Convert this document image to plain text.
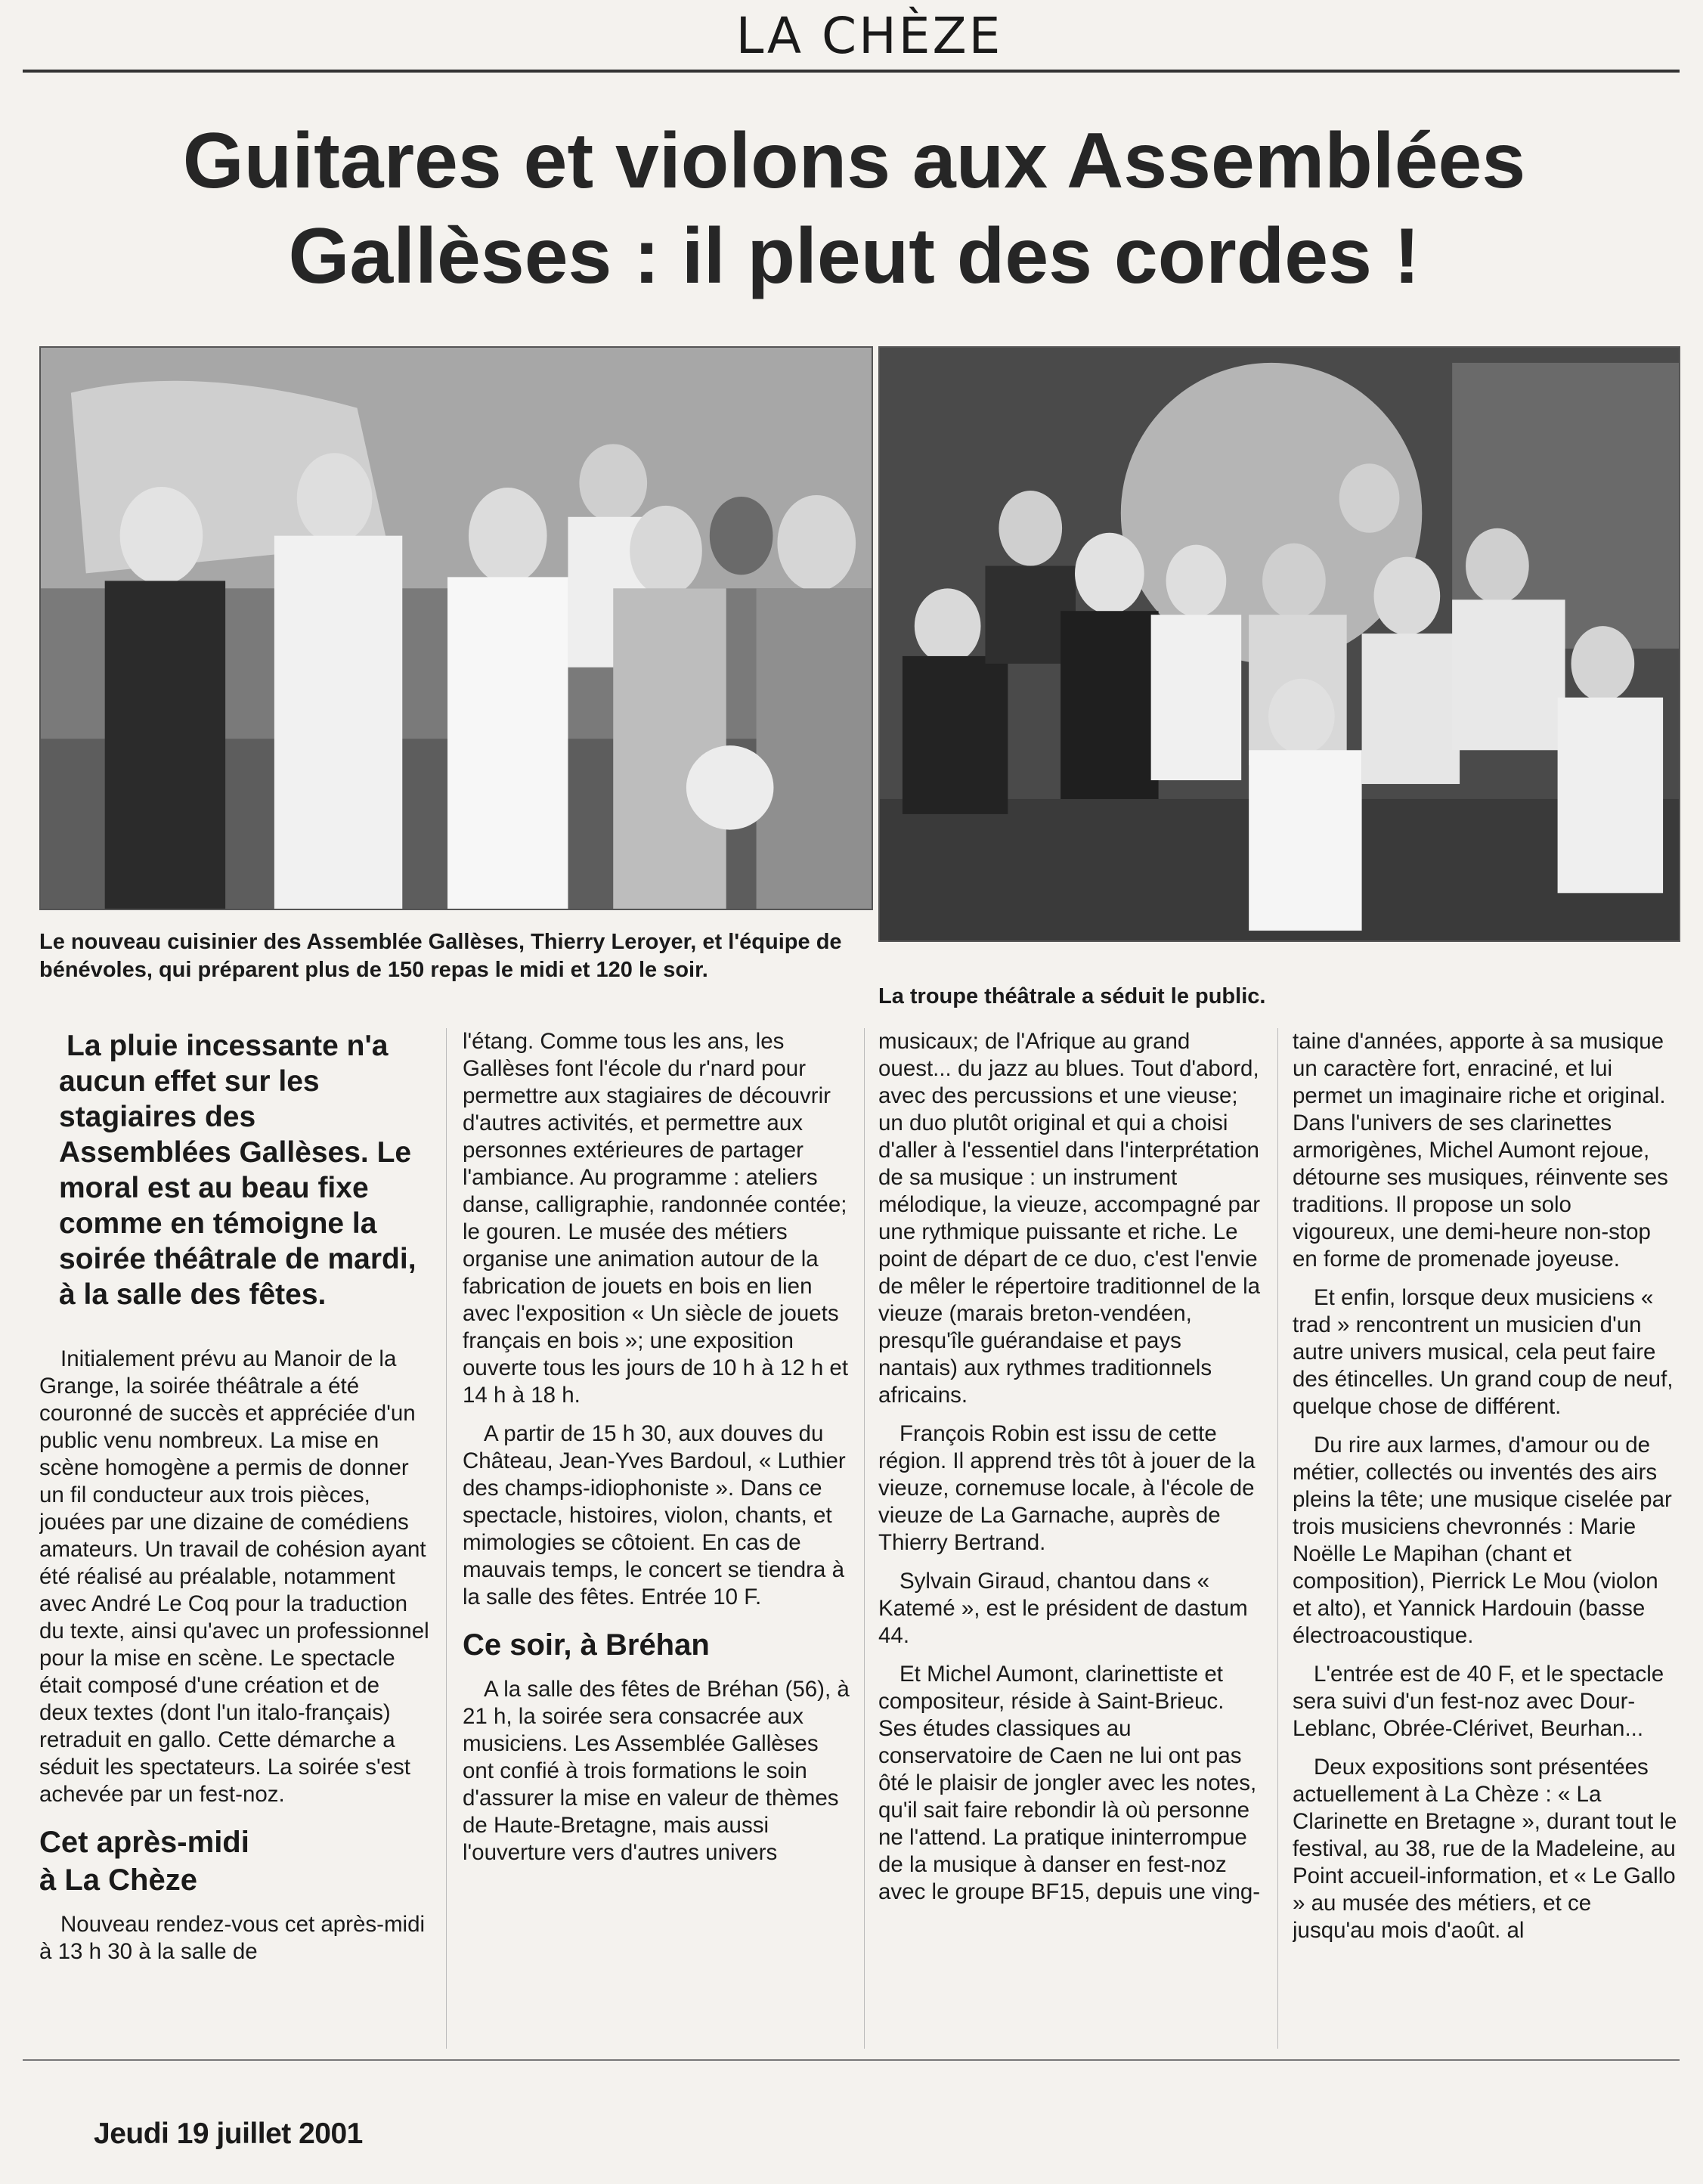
LA CHÈZE
Guitares et violons aux Assemblées
Gallèses : il pleut des cordes !
Le nouveau cuisinier des Assemblée Gallèses, Thierry Leroyer, et l'équipe de bénévoles, qui préparent plus de 150 repas le midi et 120 le soir.
La troupe théâtrale a séduit le public.

La pluie incessante n'a aucun effet sur les stagiaires des Assemblées Gallèses. Le moral est au beau fixe comme en témoigne la soirée théâtrale de mardi, à la salle des fêtes.

Initialement prévu au Manoir de la Grange, la soirée théâtrale a été couronné de succès et appréciée d'un public venu nombreux. La mise en scène homogène a permis de donner un fil conducteur aux trois pièces, jouées par une dizaine de comédiens amateurs. Un travail de cohésion ayant été réalisé au préalable, notamment avec André Le Coq pour la traduction du texte, ainsi qu'avec un professionnel pour la mise en scène. Le spectacle était composé d'une création et de deux textes (dont l'un italo-français) retraduit en gallo. Cette démarche a séduit les spectateurs. La soirée s'est achevée par un fest-noz.

Cet après-midi
à La Chèze

Nouveau rendez-vous cet après-midi à 13 h 30 à la salle de

l'étang. Comme tous les ans, les Gallèses font l'école du r'nard pour permettre aux stagiaires de découvrir d'autres activités, et permettre aux personnes extérieures de partager l'ambiance. Au programme : ateliers danse, calligraphie, randonnée contée; le gouren. Le musée des métiers organise une animation autour de la fabrication de jouets en bois en lien avec l'exposition « Un siècle de jouets français en bois »; une exposition ouverte tous les jours de 10 h à 12 h et 14 h à 18 h.

A partir de 15 h 30, aux douves du Château, Jean-Yves Bardoul, « Luthier des champs-idiophoniste ». Dans ce spectacle, histoires, violon, chants, et mimologies se côtoient. En cas de mauvais temps, le concert se tiendra à la salle des fêtes. Entrée 10 F.

Ce soir, à Bréhan

A la salle des fêtes de Bréhan (56), à 21 h, la soirée sera consacrée aux musiciens. Les Assemblée Gallèses ont confié à trois formations le soin d'assurer la mise en valeur de thèmes de Haute-Bretagne, mais aussi l'ouverture vers d'autres univers

musicaux; de l'Afrique au grand ouest... du jazz au blues. Tout d'abord, avec des percussions et une vieuse; un duo plutôt original et qui a choisi d'aller à l'essentiel dans l'interprétation de sa musique : un instrument mélodique, la vieuze, accompagné par une rythmique puissante et riche. Le point de départ de ce duo, c'est l'envie de mêler le répertoire traditionnel de la vieuze (marais breton-vendéen, presqu'île guérandaise et pays nantais) aux rythmes traditionnels africains.

François Robin est issu de cette région. Il apprend très tôt à jouer de la vieuze, cornemuse locale, à l'école de vieuze de La Garnache, auprès de Thierry Bertrand.

Sylvain Giraud, chantou dans « Katemé », est le président de dastum 44.

Et Michel Aumont, clarinettiste et compositeur, réside à Saint-Brieuc. Ses études classiques au conservatoire de Caen ne lui ont pas ôté le plaisir de jongler avec les notes, qu'il sait faire rebondir là où personne ne l'attend. La pratique ininterrompue de la musique à danser en fest-noz avec le groupe BF15, depuis une ving-

taine d'années, apporte à sa musique un caractère fort, enraciné, et lui permet un imaginaire riche et original. Dans l'univers de ses clarinettes armorigènes, Michel Aumont rejoue, détourne ses musiques, réinvente ses traditions. Il propose un solo vigoureux, une demi-heure non-stop en forme de promenade joyeuse.

Et enfin, lorsque deux musiciens « trad » rencontrent un musicien d'un autre univers musical, cela peut faire des étincelles. Un grand coup de neuf, quelque chose de différent.

Du rire aux larmes, d'amour ou de métier, collectés ou inventés des airs pleins la tête; une musique ciselée par trois musiciens chevronnés : Marie Noëlle Le Mapihan (chant et composition), Pierrick Le Mou (violon et alto), et Yannick Hardouin (basse électroacoustique.

L'entrée est de 40 F, et le spectacle sera suivi d'un fest-noz avec Dour-Leblanc, Obrée-Clérivet, Beurhan...

Deux expositions sont présentées actuellement à La Chèze : « La Clarinette en Bretagne », durant tout le festival, au 38, rue de la Madeleine, au Point accueil-information, et « Le Gallo » au musée des métiers, et ce jusqu'au mois d'août. al

Jeudi 19 juillet 2001
